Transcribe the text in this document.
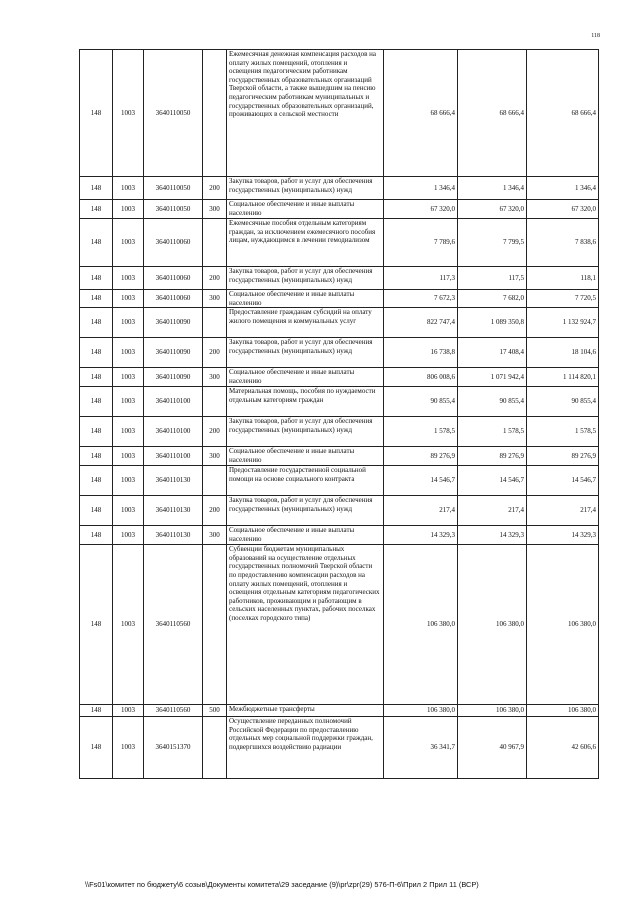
118
148	1003	3640110050		Ежемесячная денежная компенсация расходов на оплату жилых помещений, отопления и освещения педагогическим работникам государственных образовательных организаций Тверской области, а также вышедшим на пенсию педагогическим работникам муниципальных и государственных образовательных организаций, проживающих в сельской местности	68 666,4	68 666,4	68 666,4
148	1003	3640110050	200	Закупка товаров, работ и услуг для обеспечения государственных (муниципальных) нужд	1 346,4	1 346,4	1 346,4
148	1003	3640110050	300	Социальное обеспечение и иные выплаты населению	67 320,0	67 320,0	67 320,0
148	1003	3640110060		Ежемесячные пособия отдельным категориям граждан, за исключением ежемесячного пособия лицам, нуждающимся в лечении гемодиализом	7 789,6	7 799,5	7 838,6
148	1003	3640110060	200	Закупка товаров, работ и услуг для обеспечения государственных (муниципальных) нужд	117,3	117,5	118,1
148	1003	3640110060	300	Социальное обеспечение и иные выплаты населению	7 672,3	7 682,0	7 720,5
148	1003	3640110090		Предоставление гражданам субсидий на оплату жилого помещения и коммунальных услуг	822 747,4	1 089 350,8	1 132 924,7
148	1003	3640110090	200	Закупка товаров, работ и услуг для обеспечения государственных (муниципальных) нужд	16 738,8	17 408,4	18 104,6
148	1003	3640110090	300	Социальное обеспечение и иные выплаты населению	806 008,6	1 071 942,4	1 114 820,1
148	1003	3640110100		Материальная помощь, пособия по нуждаемости отдельным категориям граждан	90 855,4	90 855,4	90 855,4
148	1003	3640110100	200	Закупка товаров, работ и услуг для обеспечения государственных (муниципальных) нужд	1 578,5	1 578,5	1 578,5
148	1003	3640110100	300	Социальное обеспечение и иные выплаты населению	89 276,9	89 276,9	89 276,9
148	1003	3640110130		Предоставление государственной социальной помощи на основе социального контракта	14 546,7	14 546,7	14 546,7
148	1003	3640110130	200	Закупка товаров, работ и услуг для обеспечения государственных (муниципальных) нужд	217,4	217,4	217,4
148	1003	3640110130	300	Социальное обеспечение и иные выплаты населению	14 329,3	14 329,3	14 329,3
148	1003	3640110560		Субвенции бюджетам муниципальных образований на осуществление отдельных государственных полномочий Тверской области по предоставлению компенсации расходов на оплату жилых помещений, отопления и освещения отдельным категориям педагогических работников, проживающим и работающим в сельских населенных пунктах, рабочих поселках (поселках городского типа)	106 380,0	106 380,0	106 380,0
148	1003	3640110560	500	Межбюджетные трансферты	106 380,0	106 380,0	106 380,0
148	1003	3640151370		Осуществление переданных полномочий Российской Федерации по предоставлению отдельных мер социальной поддержки граждан, подвергшихся воздействию радиации	36 341,7	40 967,9	42 606,6
\\Fs01\комитет по бюджету\6 созыв\Документы комитета\29 заседание (9)\pr\zpr(29) 576-П-6\Прил 2 Прил 11 (ВСР)
